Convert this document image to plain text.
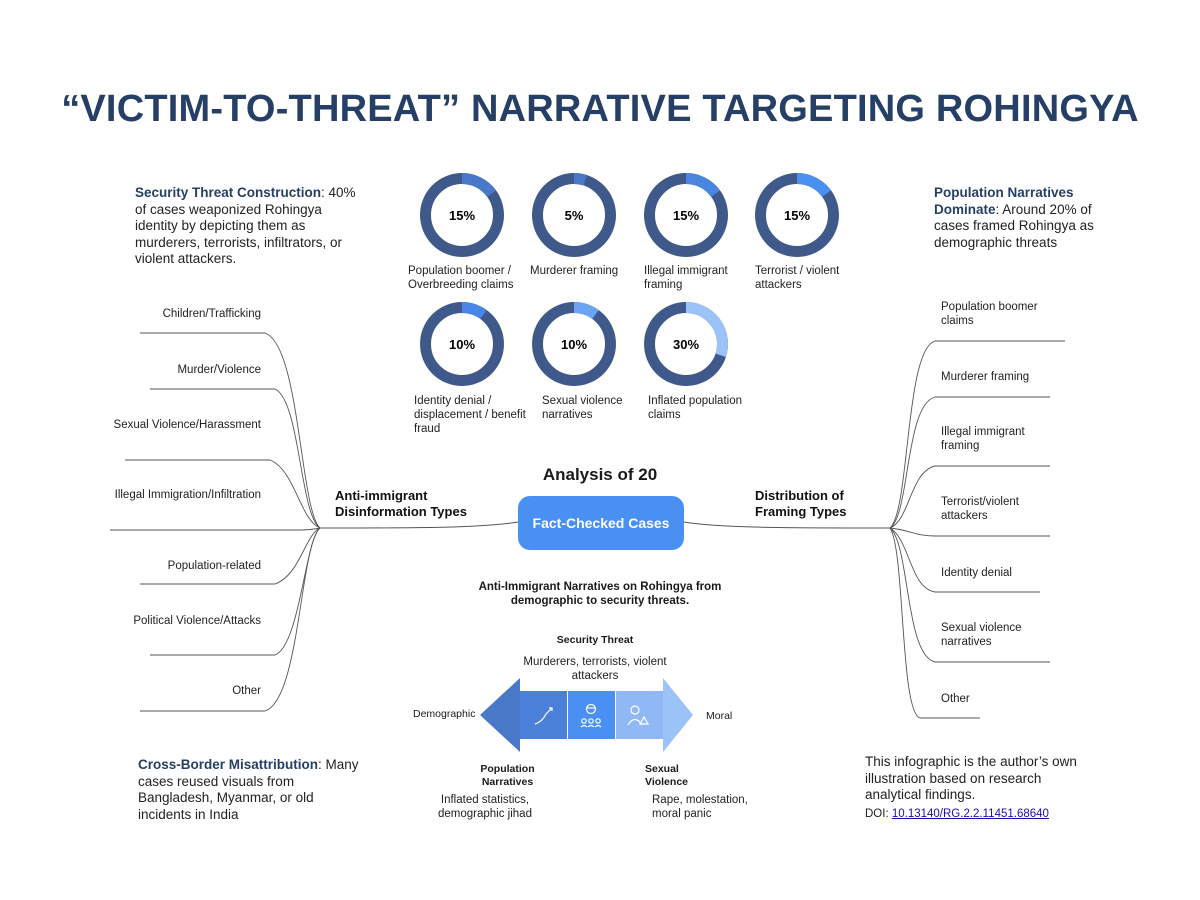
“VICTIM-TO-THREAT” NARRATIVE TARGETING ROHINGYA
Security Threat Construction: 40% of cases weaponized Rohingya identity by depicting them as murderers, terrorists, infiltrators, or violent attackers.
Population Narratives Dominate: Around 20% of cases framed Rohingya as demographic threats
Cross-Border Misattribution: Many cases reused visuals from Bangladesh, Myanmar, or old incidents in India
This infographic is the author’s own illustration based on research analytical findings.
DOI: 10.13140/RG.2.2.11451.68640
15%	5%	15%	15%
10%	10%	30%
Population boomer / Overbreeding claims
Murderer framing	Illegal immigrant framing
Terrorist / violent attackers
Identity denial / displacement / benefit fraud
Sexual violence narratives
Inflated population claims
Children/Trafficking
Murder/Violence
Sexual Violence/Harassment
Illegal Immigration/Infiltration
Population-related
Political Violence/Attacks
Other
Population boomer claims
Murderer framing
Illegal immigrant framing
Terrorist/violent attackers
Identity denial
Sexual violence narratives
Other
Anti-immigrant Disinformation Types
Distribution of Framing Types
Analysis of 20
Fact-Checked Cases
Anti-Immigrant Narratives on Rohingya from demographic to security threats.
Security Threat
Murderers, terrorists, violent attackers
Demographic	Moral
Population Narratives
Inflated statistics, demographic jihad
Sexual Violence
Rape, molestation, moral panic
